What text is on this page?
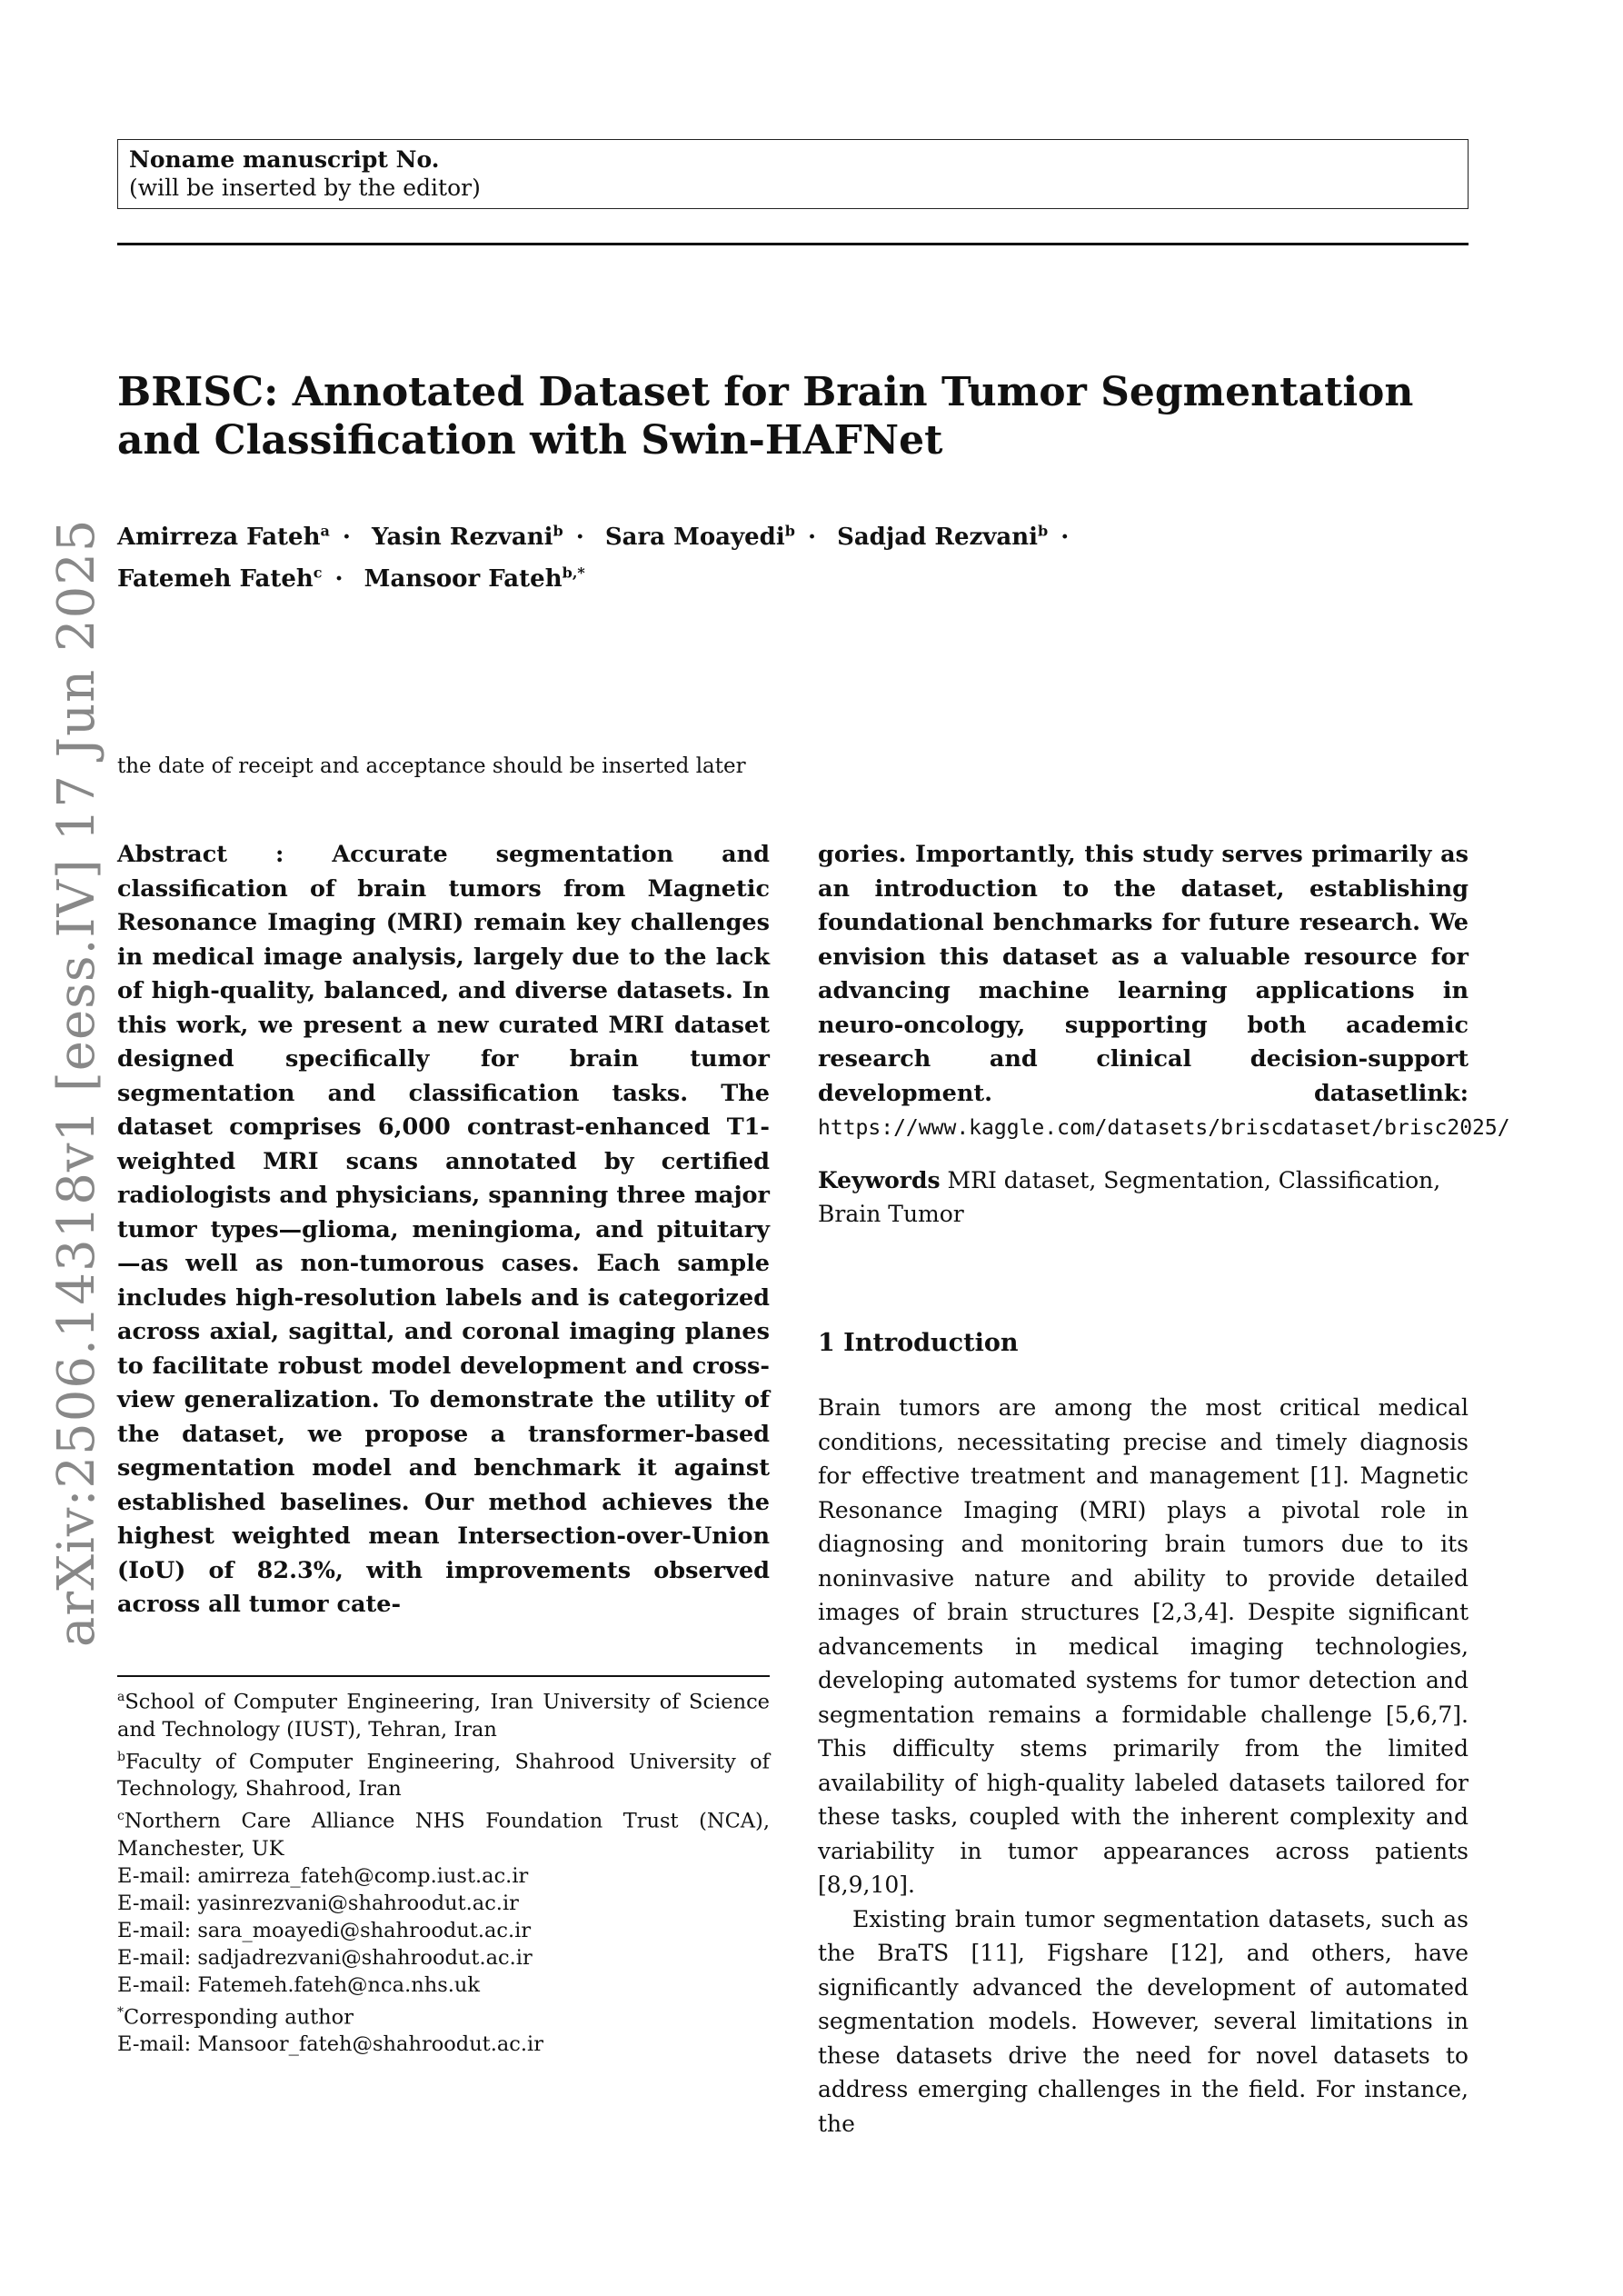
Noname manuscript No.
(will be inserted by the editor)
BRISC: Annotated Dataset for Brain Tumor Segmentation and Classification with Swin-HAFNet
Amirreza Fateh$^a$ · Yasin Rezvani$^b$ · Sara Moayedi$^b$ · Sadjad Rezvani$^b$ ·
Fatemeh Fateh$^c$ · Mansoor Fateh$^{b,*}$
arXiv:2506.14318v1 [eess.IV] 17 Jun 2025 the date of receipt and acceptance should be inserted later
Abstract : Accurate segmentation and classification of brain tumors from Magnetic Resonance Imaging (MRI) remain key challenges in medical image analysis, largely due to the lack of high-quality, balanced, and diverse datasets. In this work, we present a new curated MRI dataset designed specifically for brain tumor segmentation and classification tasks. The dataset comprises 6,000 contrast-enhanced T1-weighted MRI scans annotated by certified radiologists and physicians, spanning three major tumor types—glioma, meningioma, and pituitary—as well as non-tumorous cases. Each sample includes high-resolution labels and is categorized across axial, sagittal, and coronal imaging planes to facilitate robust model development and cross-view generalization. To demonstrate the utility of the dataset, we propose a transformer-based segmentation model and benchmark it against established baselines. Our method achieves the highest weighted mean Intersection-over-Union (IoU) of 82.3%, with improvements observed across all tumor cate-
gories. Importantly, this study serves primarily as an introduction to the dataset, establishing foundational benchmarks for future research. We envision this dataset as a valuable resource for advancing machine learning applications in neuro-oncology, supporting both academic research and clinical decision-support development. datasetlink: https://www.kaggle.com/datasets/briscdataset/brisc2025/
Keywords MRI dataset, Segmentation, Classification, Brain Tumor
1 Introduction

Brain tumors are among the most critical medical conditions, necessitating precise and timely diagnosis for effective treatment and management [1]. Magnetic Resonance Imaging (MRI) plays a pivotal role in diagnosing and monitoring brain tumors due to its noninvasive nature and ability to provide detailed images of brain structures [2,3,4]. Despite significant advancements in medical imaging technologies, developing automated systems for tumor detection and segmentation remains a formidable challenge [5,6,7]. This difficulty stems primarily from the limited availability of high-quality labeled datasets tailored for these tasks, coupled with the inherent complexity and variability in tumor appearances across patients [8,9,10].

Existing brain tumor segmentation datasets, such as the BraTS [11], Figshare [12], and others, have significantly advanced the development of automated segmentation models. However, several limitations in these datasets drive the need for novel datasets to address emerging challenges in the field. For instance, the

$^a$School of Computer Engineering, Iran University of Science and Technology (IUST), Tehran, Iran
$^b$Faculty of Computer Engineering, Shahrood University of Technology, Shahrood, Iran
$^c$Northern Care Alliance NHS Foundation Trust (NCA), Manchester, UK
E-mail: amirreza_fateh@comp.iust.ac.ir
E-mail: yasinrezvani@shahroodut.ac.ir
E-mail: sara_moayedi@shahroodut.ac.ir
E-mail: sadjadrezvani@shahroodut.ac.ir
E-mail: Fatemeh.fateh@nca.nhs.uk
*Corresponding author
E-mail: Mansoor_fateh@shahroodut.ac.ir
